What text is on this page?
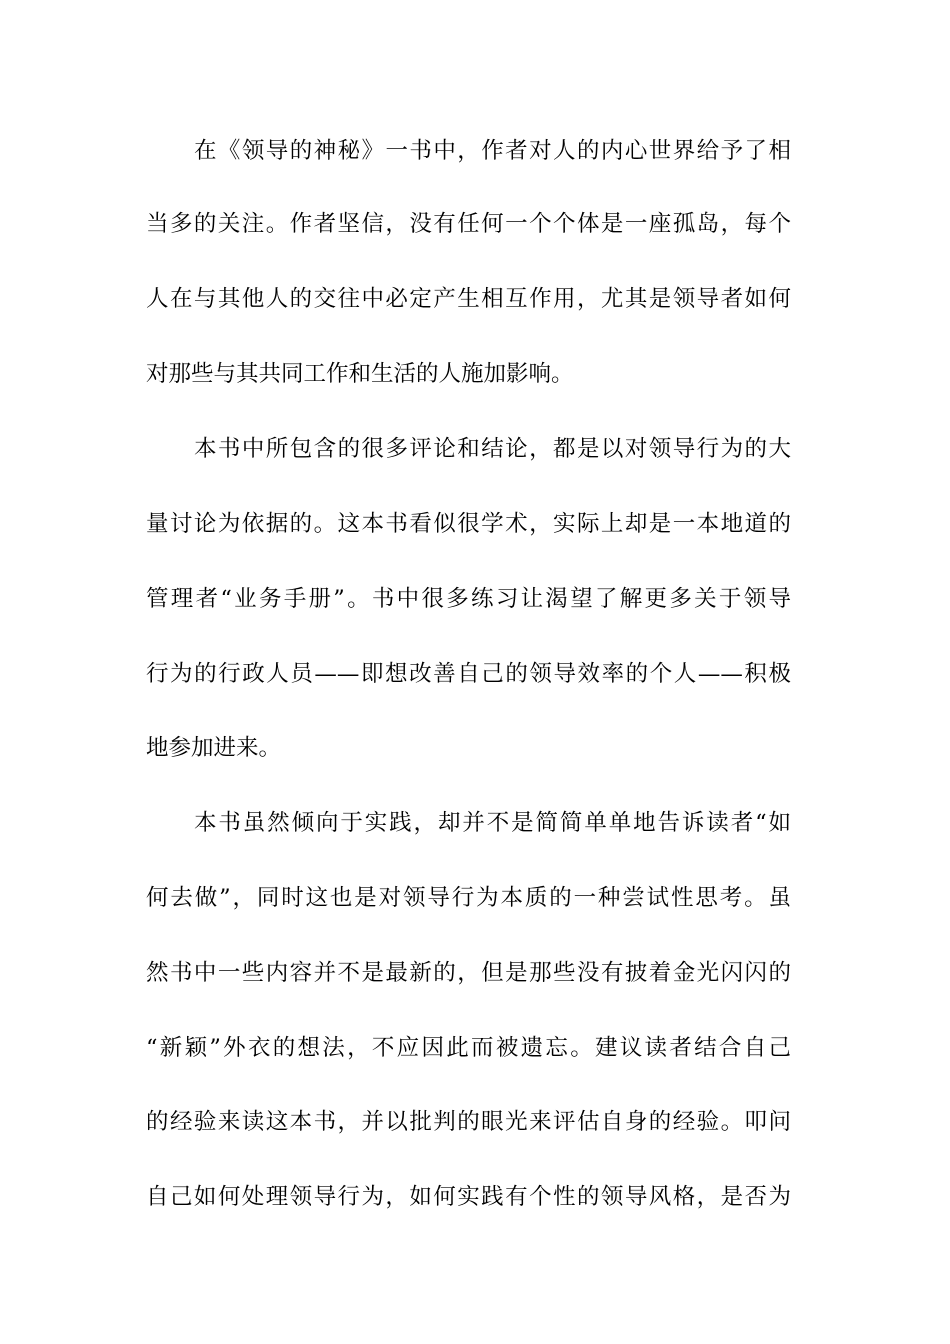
在《领导的神秘》一书中，作者对人的内心世界给予了相
当多的关注。作者坚信，没有任何一个个体是一座孤岛，每个
人在与其他人的交往中必定产生相互作用，尤其是领导者如何
对那些与其共同工作和生活的人施加影响。
本书中所包含的很多评论和结论，都是以对领导行为的大
量讨论为依据的。这本书看似很学术，实际上却是一本地道的
管理者“业务手册”。书中很多练习让渴望了解更多关于领导
行为的行政人员——即想改善自己的领导效率的个人——积极
地参加进来。
本书虽然倾向于实践，却并不是简简单单地告诉读者“如
何去做”，同时这也是对领导行为本质的一种尝试性思考。虽
然书中一些内容并不是最新的，但是那些没有披着金光闪闪的
“新颖”外衣的想法，不应因此而被遗忘。建议读者结合自己
的经验来读这本书，并以批判的眼光来评估自身的经验。叩问
自己如何处理领导行为，如何实践有个性的领导风格，是否为
